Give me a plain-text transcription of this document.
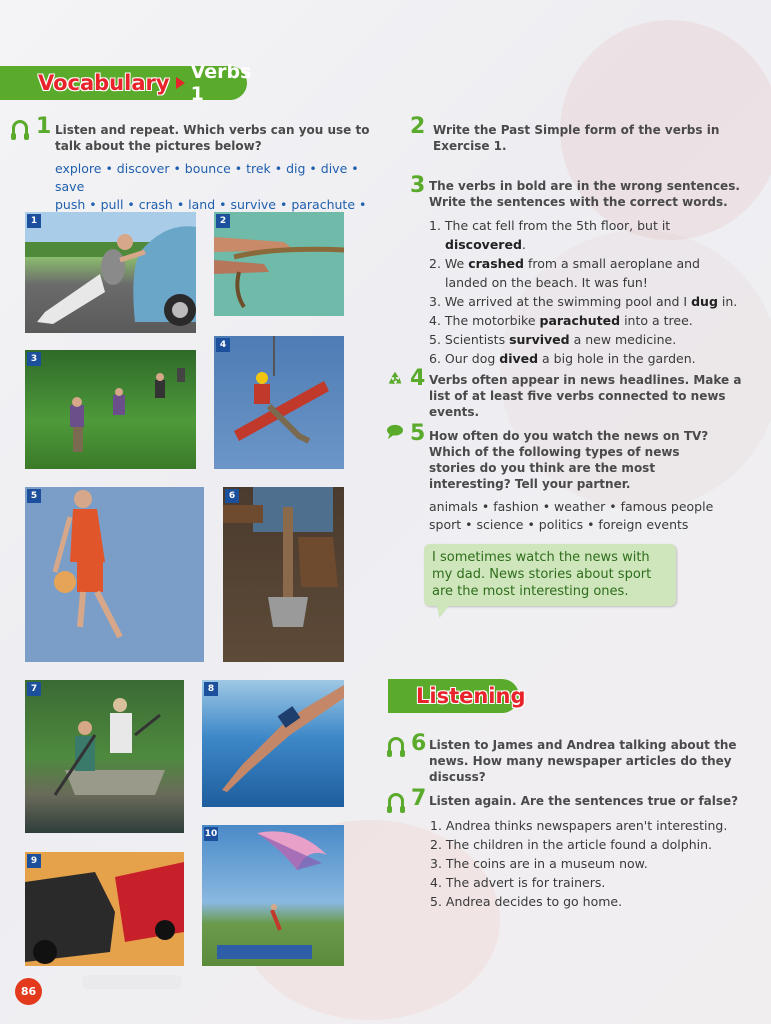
Vocabulary Verbs 1
1 Listen and repeat. Which verbs can you use to talk about the pictures below?
explore • discover • bounce • trek • dig • dive • save
push • pull • crash • land • survive • parachute •
1	2
3
4
5	6
7	8
9
10
2 Write the Past Simple form of the verbs in Exercise 1.
3 The verbs in bold are in the wrong sentences. Write the sentences with the correct words.
1. The cat fell from the 5th floor, but it discovered.
2. We crashed from a small aeroplane and landed on the beach. It was fun!
3. We arrived at the swimming pool and I dug in.
4. The motorbike parachuted into a tree.
5. Scientists survived a new medicine.
6. Our dog dived a big hole in the garden.
4 Verbs often appear in news headlines. Make a list of at least five verbs connected to news events.
5 How often do you watch the news on TV? Which of the following types of news stories do you think are the most interesting? Tell your partner.
animals • fashion • weather • famous people
sport • science • politics • foreign events
I sometimes watch the news with my dad. News stories about sport are the most interesting ones.
Listening
6 Listen to James and Andrea talking about the news. How many newspaper articles do they discuss?
7 Listen again. Are the sentences true or false?
1. Andrea thinks newspapers aren't interesting.
2. The children in the article found a dolphin.
3. The coins are in a museum now.
4. The advert is for trainers.
5. Andrea decides to go home.
86
